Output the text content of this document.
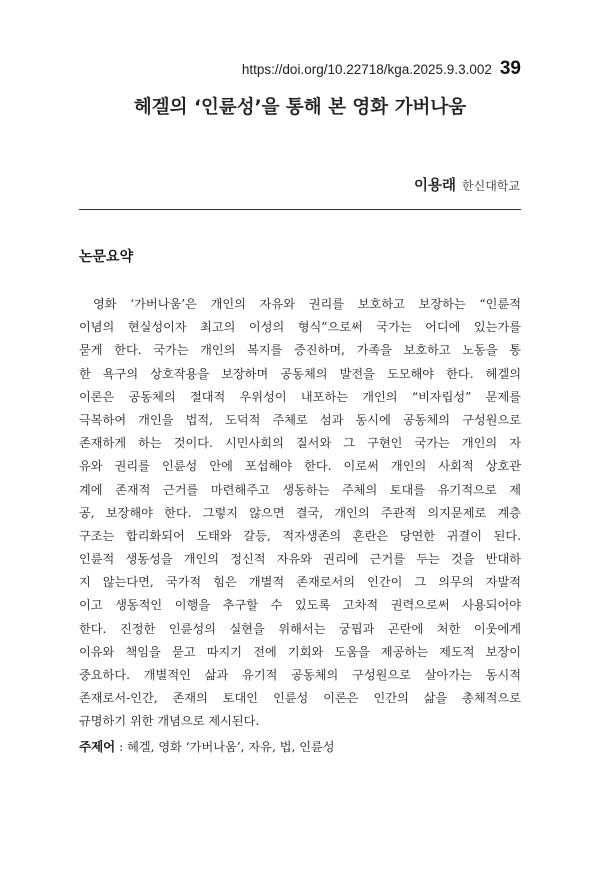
https://doi.org/10.22718/kga.2025.9.3.002 39
헤겔의 ‘인륜성’을 통해 본 영화 가버나움
이용래 한신대학교
논문요약
영화 ‘가버나움’은 개인의 자유와 권리를 보호하고 보장하는 “인륜적
이념의 현실성이자 최고의 이성의 형식”으로써 국가는 어디에 있는가를
묻게 한다. 국가는 개인의 복지를 증진하며, 가족을 보호하고 노동을 통
한 욕구의 상호작용을 보장하며 공동체의 발전을 도모해야 한다. 헤겔의
이론은 공동체의 절대적 우위성이 내포하는 개인의 “비자립성” 문제를
극복하여 개인을 법적, 도덕적 주체로 섬과 동시에 공동체의 구성원으로
존재하게 하는 것이다. 시민사회의 질서와 그 구현인 국가는 개인의 자
유와 권리를 인륜성 안에 포섭해야 한다. 이로써 개인의 사회적 상호관
계에 존재적 근거를 마련해주고 생동하는 주체의 토대를 유기적으로 제
공, 보장해야 한다. 그렇지 않으면 결국, 개인의 주관적 의지문제로 계층
구조는 합리화되어 도태와 갈등, 적자생존의 혼란은 당연한 귀결이 된다.
인륜적 생동성을 개인의 정신적 자유와 권리에 근거를 두는 것을 반대하
지 않는다면, 국가적 힘은 개별적 존재로서의 인간이 그 의무의 자발적
이고 생동적인 이행을 추구할 수 있도록 고차적 권력으로써 사용되어야
한다. 진정한 인륜성의 실현을 위해서는 궁핍과 곤란에 처한 이웃에게
이유와 책임을 묻고 따지기 전에 기회와 도움을 제공하는 제도적 보장이
중요하다. 개별적인 삶과 유기적 공동체의 구성원으로 살아가는 동시적
존재로서-인간, 존재의 토대인 인륜성 이론은 인간의 삶을 총체적으로
규명하기 위한 개념으로 제시된다.
주제어 : 헤겔, 영화 ‘가버나움’, 자유, 법, 인륜성
